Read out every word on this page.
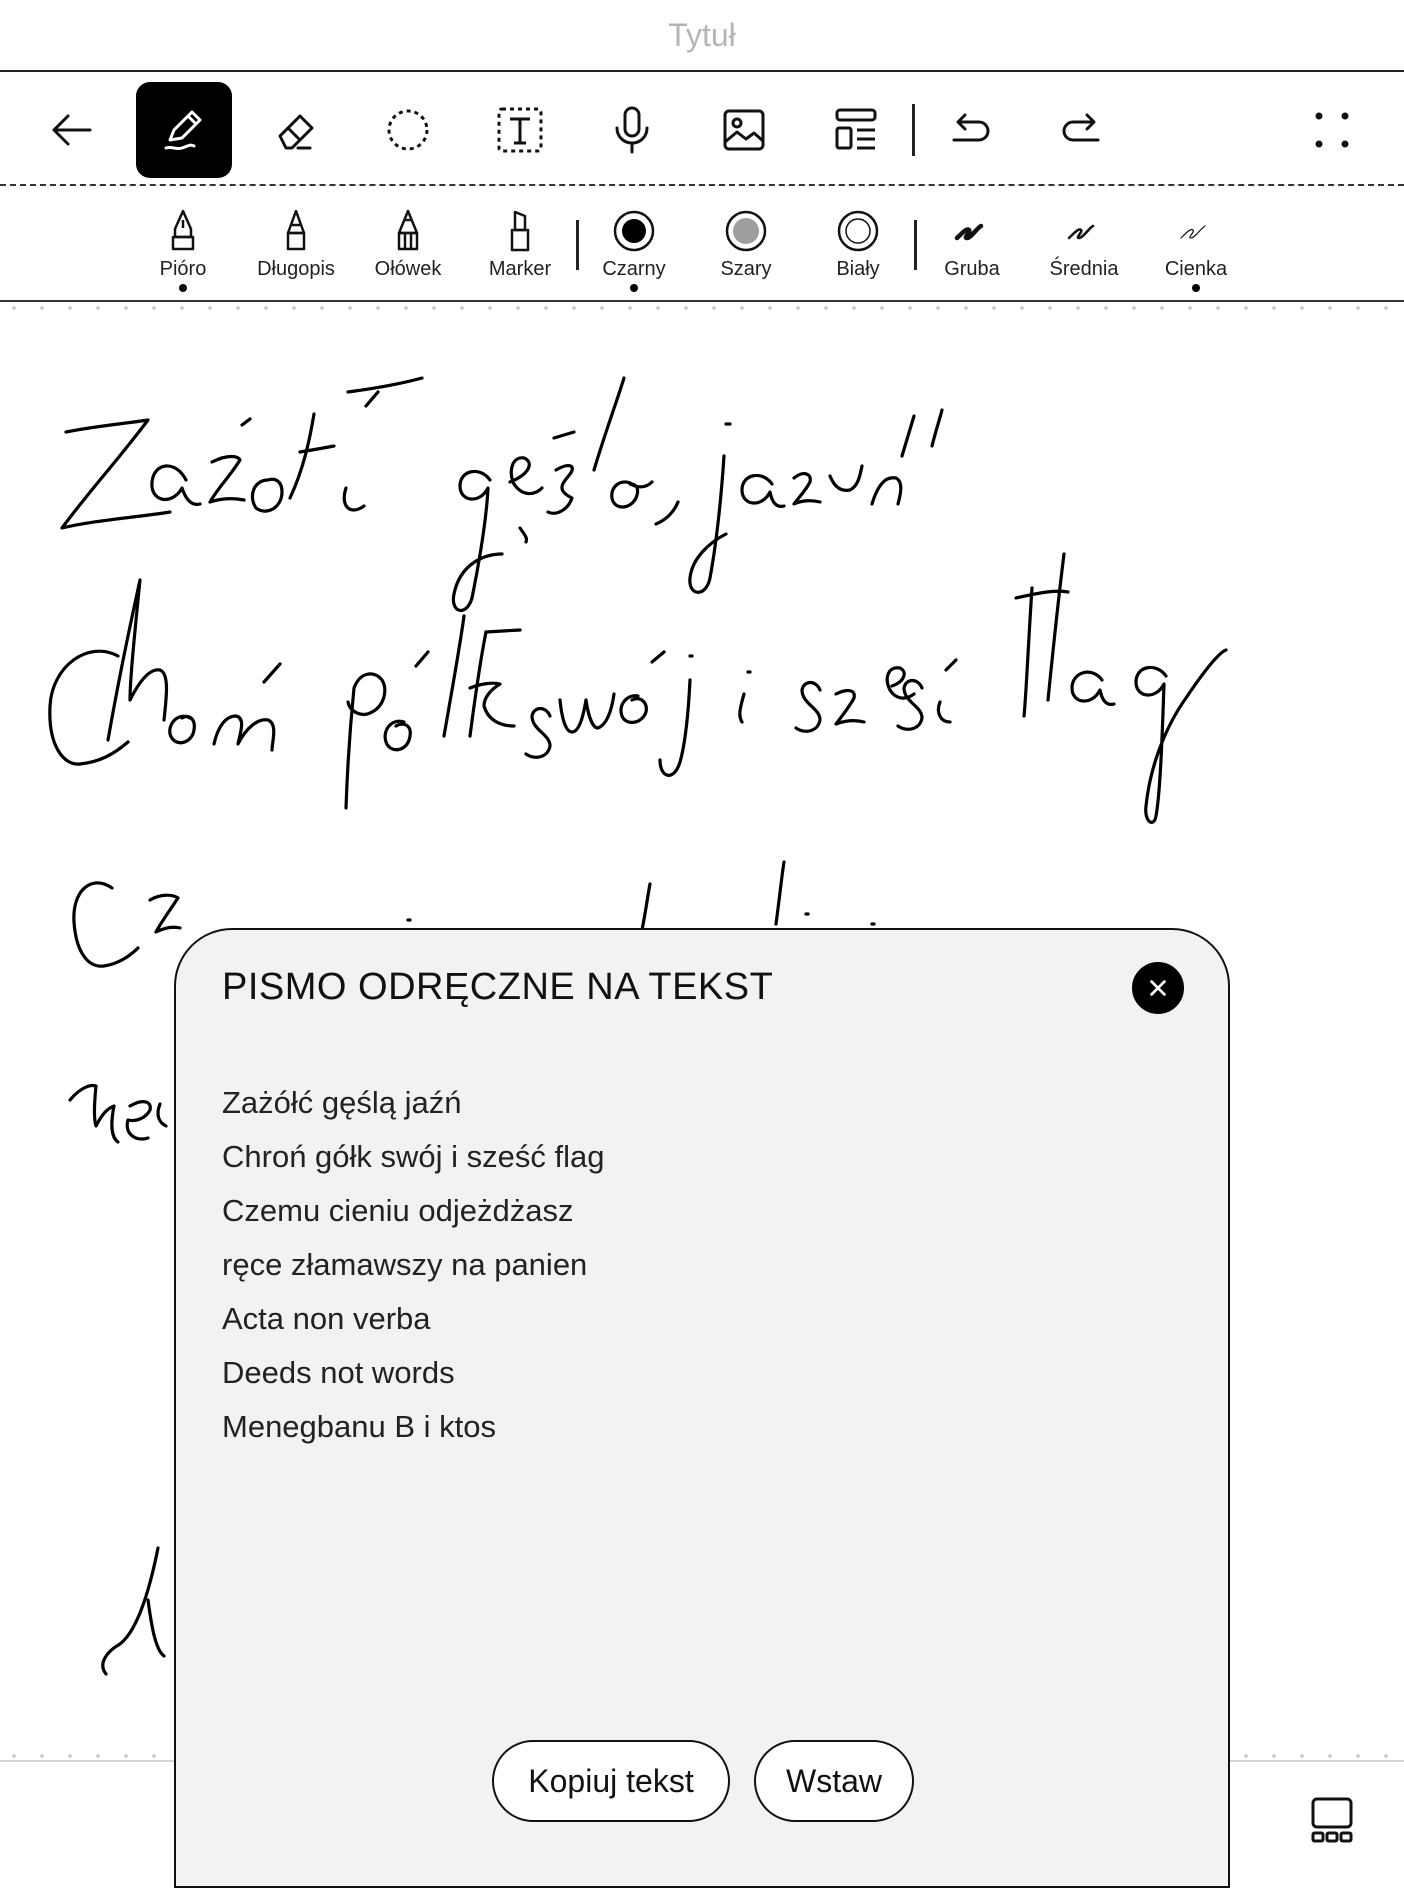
Tytuł
Pióro	Długopis Ołówek Marker	Czarny	Szary	Biały	Gruba Średnia Cienka
PISMO ODRĘCZNE NA TEKST
Zażółć gęślą jaźń
Chroń gółk swój i sześć flag
Czemu cieniu odjeżdżasz
ręce złamawszy na panien
Acta non verba
Deeds not words
Menegbanu B i ktos
Kopiuj tekst	Wstaw
